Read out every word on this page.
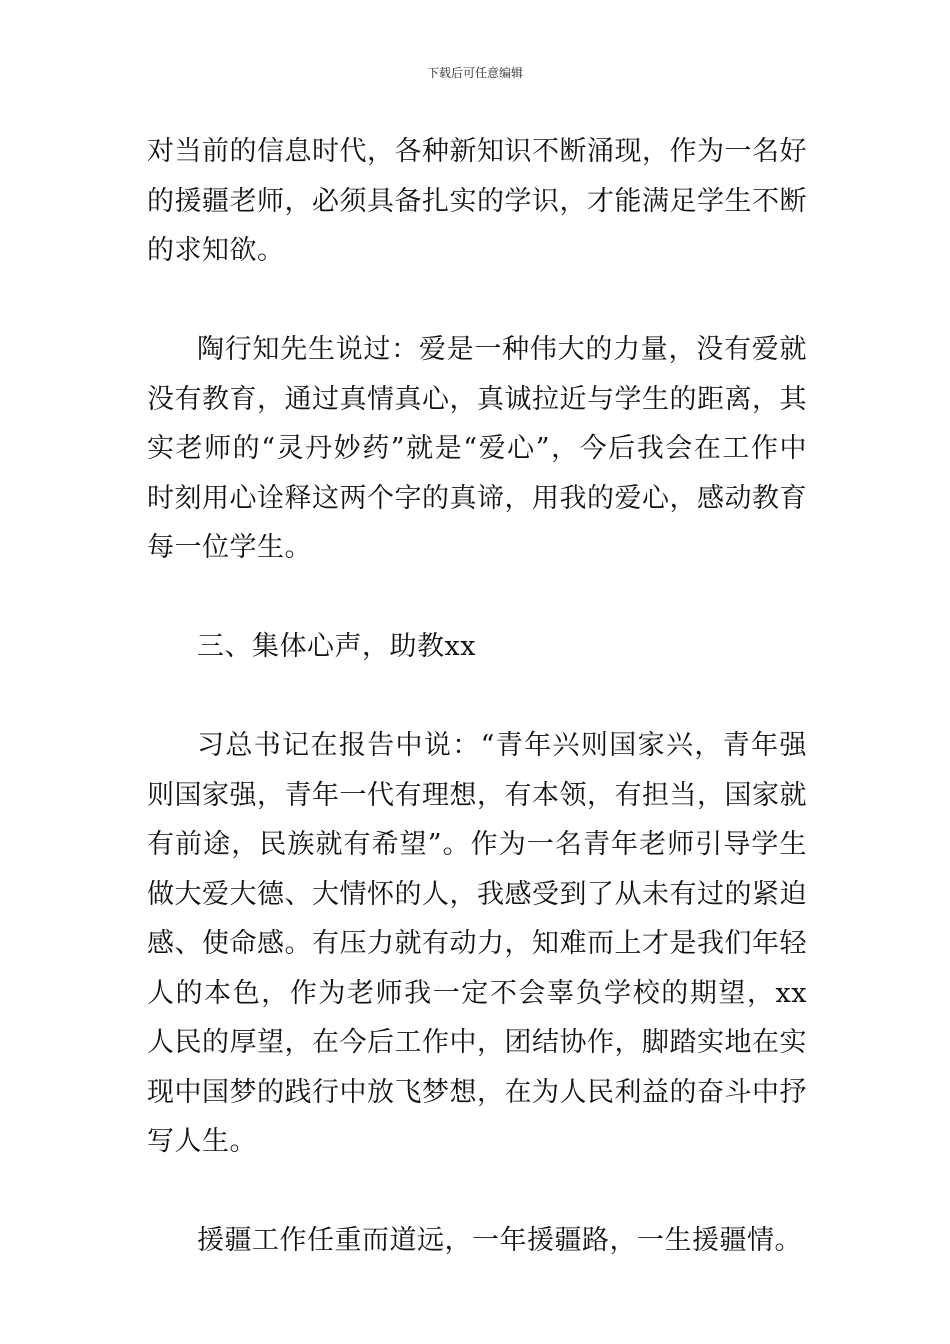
下载后可任意编辑

对当前的信息时代，各种新知识不断涌现，作为一名好的援疆老师，必须具备扎实的学识，才能满足学生不断的求知欲。

陶行知先生说过：爱是一种伟大的力量，没有爱就没有教育，通过真情真心，真诚拉近与学生的距离，其实老师的“灵丹妙药”就是“爱心”，今后我会在工作中时刻用心诠释这两个字的真谛，用我的爱心，感动教育每一位学生。

三、集体心声，助教xx

习总书记在报告中说：“青年兴则国家兴，青年强则国家强，青年一代有理想，有本领，有担当，国家就有前途，民族就有希望”。作为一名青年老师引导学生做大爱大德、大情怀的人，我感受到了从未有过的紧迫感、使命感。有压力就有动力，知难而上才是我们年轻人的本色，作为老师我一定不会辜负学校的期望，xx人民的厚望，在今后工作中，团结协作，脚踏实地在实现中国梦的践行中放飞梦想，在为人民利益的奋斗中抒写人生。

援疆工作任重而道远，一年援疆路，一生援疆情。
